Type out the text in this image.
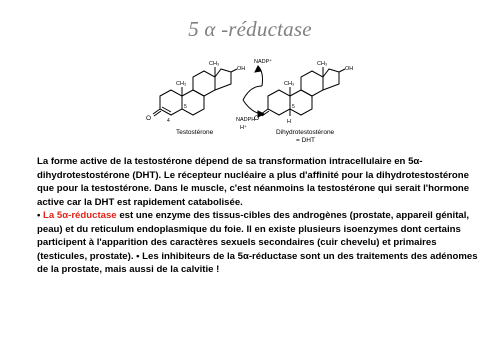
5 α -réductase
O
CH₃
CH₃
OH
5
4
Testostérone
NADP⁺
NADPH
H⁺
O
CH₃
CH₃
OH
5
H
Dihydrotestostérone
= DHT

La forme active de la testostérone dépend de sa transformation intracellulaire en 5α-dihydrotestostérone (DHT). Le récepteur nucléaire a plus d'affinité pour la dihydrotestostérone que pour la testostérone. Dans le muscle, c'est néanmoins la testostérone qui serait l'hormone active car la DHT est rapidement catabolisée.

• La 5α-réductase est une enzyme des tissus-cibles des androgènes (prostate, appareil génital, peau) et du reticulum endoplasmique du foie. Il en existe plusieurs isoenzymes dont certains participent à l'apparition des caractères sexuels secondaires (cuir chevelu) et primaires (testicules, prostate). • Les inhibiteurs de la 5α-réductase sont un des traitements des adénomes de la prostate, mais aussi de la calvitie !
